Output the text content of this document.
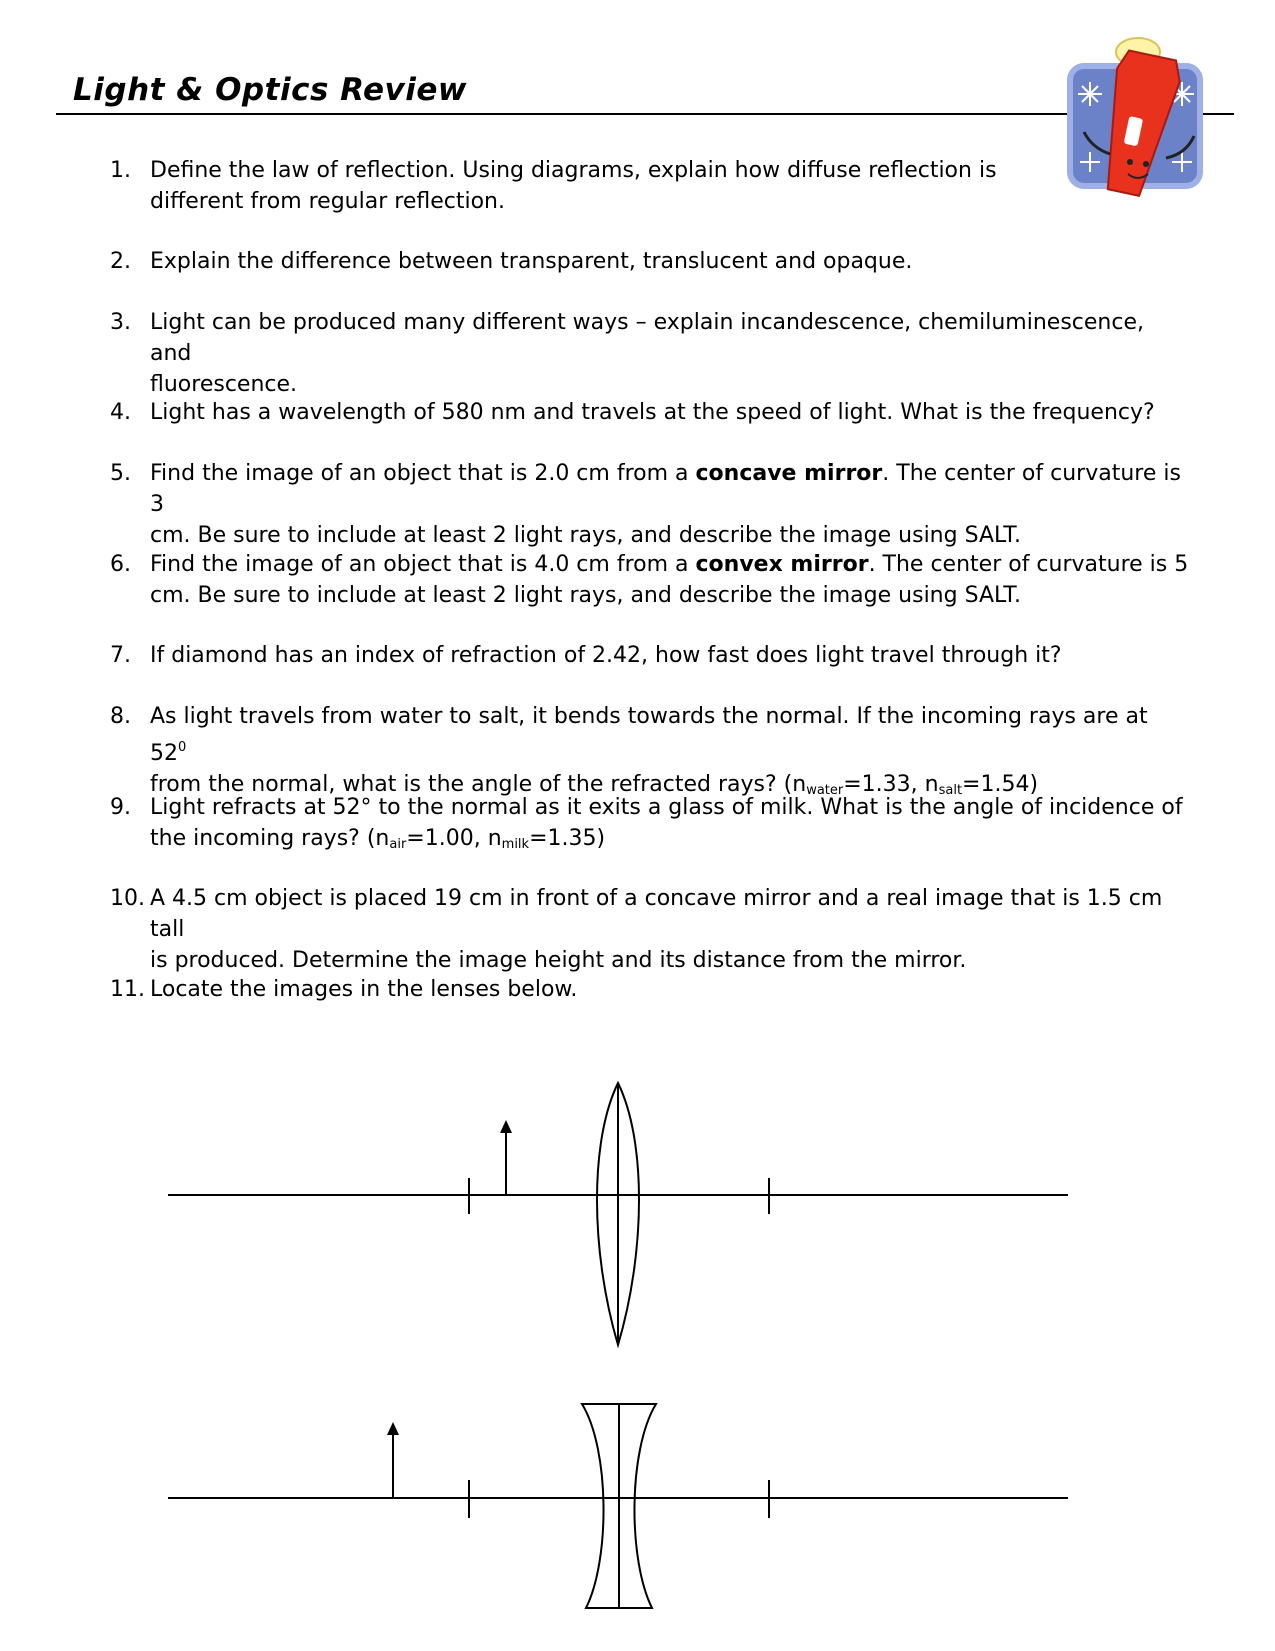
Light & Optics Review
1. Define the law of reflection. Using diagrams, explain how diffuse reflection is
different from regular reflection.
2. Explain the difference between transparent, translucent and opaque.
3. Light can be produced many different ways – explain incandescence, chemiluminescence, and
fluorescence.
4. Light has a wavelength of 580 nm and travels at the speed of light. What is the frequency?
5. Find the image of an object that is 2.0 cm from a concave mirror. The center of curvature is 3
cm. Be sure to include at least 2 light rays, and describe the image using SALT.
6. Find the image of an object that is 4.0 cm from a convex mirror. The center of curvature is 5
cm. Be sure to include at least 2 light rays, and describe the image using SALT.
7. If diamond has an index of refraction of 2.42, how fast does light travel through it?
8. As light travels from water to salt, it bends towards the normal. If the incoming rays are at $52^0$
from the normal, what is the angle of the refracted rays? ($n_{water}=1.33$, $n_{salt}=1.54$)
9. Light refracts at 52° to the normal as it exits a glass of milk. What is the angle of incidence of
the incoming rays? ($n_{air}=1.00$, $n_{milk}=1.35$)
10. A 4.5 cm object is placed 19 cm in front of a concave mirror and a real image that is 1.5 cm tall
is produced. Determine the image height and its distance from the mirror.
11. Locate the images in the lenses below.
